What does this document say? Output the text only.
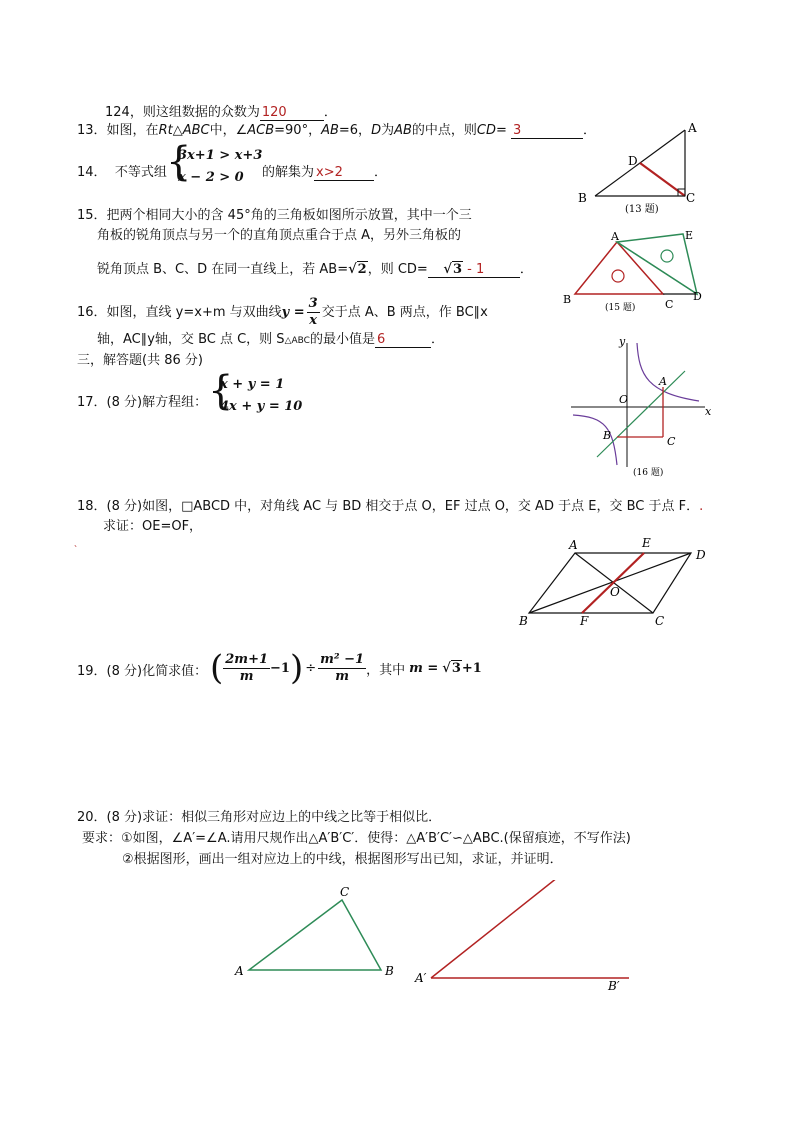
124，则这组数据的众数为 120	．
13．如图，在Rt△ABC中，∠ACB=90°，AB=6，D为AB的中点，则CD= 3	．	A
B	C
D
(13 题)
14． 不等式组 {
3x+1 > x+3
x − 2 > 0 的解集为 x>2 ．
15．把两个相同大小的含 45°角的三角板如图所示放置，其中一个三
角板的锐角顶点与另一个的直角顶点重合于点 A，另外三角板的
锐角顶点 B、C、D 在同一直线上，若 AB=√2，则 CD=   √3 - 1	．
A	E
B	C
D
(15 题)
16．如图，直线 y=x+m 与双曲线$y = \frac{3}{x}$ 交于点 A、B 两点，作 BC∥x
轴，AC∥y轴，交 BC 点 C，则 S△ABC的最小值是 6	．	y
x
O
A
B	C
(16 题)
三，解答题(共 86 分)
17．(8 分)解方程组： {
x + y = 1
4x + y = 10
18．(8 分)如图，□ABCD 中，对角线 AC 与 BD 相交于点 O，EF 过点 O，交 AD 于点 E，交 BC 于点 F．.
求证：OE=OF，
、	A	E
D
O
B	F	C
19．(8 分)化简求值： ( $\frac{2m+1}{m} -1$ ) ÷ $\frac{\text{m² −1}}{m}$ ，其中 m = √3 +1
20．(8 分)求证：相似三角形对应边上的中线之比等于相似比．
要求：①如图，∠A′=∠A.请用尺规作出△A′B′C′．使得：△A′B′C′∽△ABC.(保留痕迹，不写作法)
②根据图形，画出一组对应边上的中线，根据图形写出已知，求证，并证明．
A
C
B A′
B′
